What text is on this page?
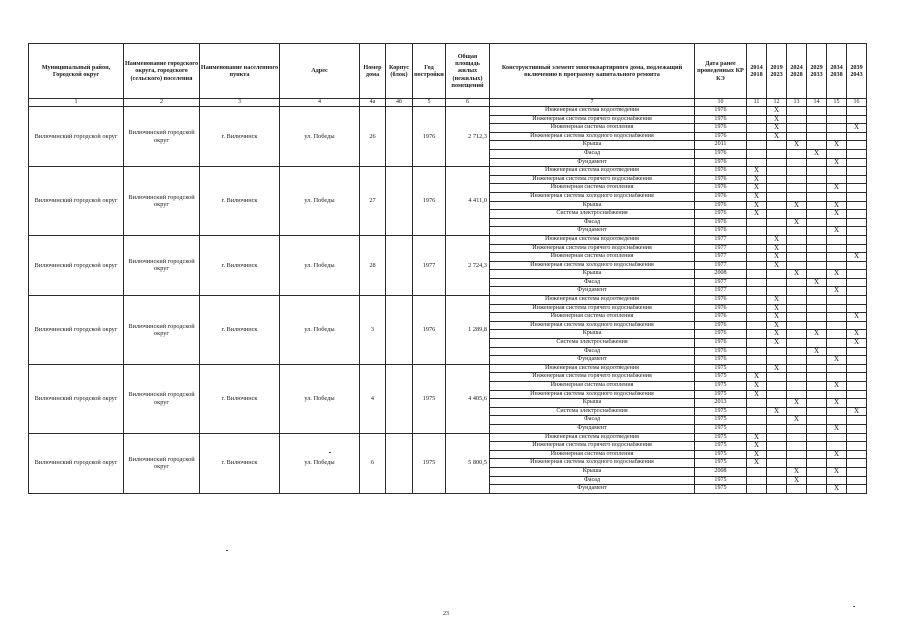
Муниципальный район, Городской округ	Наименование городского округа, городского (сельского) поселения	Наименование населенного пункта	Адрес	Номер дома	Корпус (блок)	Год постройки	Общая площадь жилых (нежилых) помещений	Конструктивный элемент многоквартирного дома, подлежащий включению в программу капитального ремонта	Дата ранее проведенных КР КЭ	2014 2018	2019 2023	2024 2028	2029 2033	2034 2038	2039 2043
1	2	3	4	4а	4б	5	6	7	10	11	12	13	14	15	16
Вилючинский городской округ	Вилючинский городской округ	г. Вилючинск	ул. Победы	26		1976	2 712,3	Инженерная система водоотведения	1976		X				
								Инженерная система горячего водоснабжения	1976		X				
								Инженерная система отопления	1976		X				X
								Инженерная система холодного водоснабжения	1976		X				
								Крыша	2011			X		X	
								Фасад	1976				X		
								Фундамент	1976					X	
Вилючинский городской округ	Вилючинский городской округ	г. Вилючинск	ул. Победы	27		1976	4 411,0	Инженерная система водоотведения	1976	X					
								Инженерная система горячего водоснабжения	1976	X					
								Инженерная система отопления	1976	X				X	
								Инженерная система холодного водоснабжения	1976	X					
								Крыша	1976	X		X		X	
								Система электроснабжения	1976	X				X	
								Фасад	1976			X			
								Фундамент	1976					X	
Вилючинский городской округ	Вилючинский городской округ	г. Вилючинск	ул. Победы	28		1977	2 724,3	Инженерная система водоотведения	1977		X				
								Инженерная система горячего водоснабжения	1977		X				
								Инженерная система отопления	1977		X				X
								Инженерная система холодного водоснабжения	1977		X				
								Крыша	2008			X		X	
								Фасад	1977				X		
								Фундамент	1977					X	
Вилючинский городской округ	Вилючинский городской округ	г. Вилючинск	ул. Победы	3		1976	1 289,8	Инженерная система водоотведения	1976		X				
								Инженерная система горячего водоснабжения	1976		X				
								Инженерная система отопления	1976		X				X
								Инженерная система холодного водоснабжения	1976		X				
								Крыша	1976		X		X		X
								Система электроснабжения	1976		X				X
								Фасад	1976				X		
								Фундамент	1976					X	
Вилючинский городской округ	Вилючинский городской округ	г. Вилючинск	ул. Победы	4		1975	4 405,6	Инженерная система водоотведения	1975		X				
								Инженерная система горячего водоснабжения	1975	X					
								Инженерная система отопления	1975	X				X	
								Инженерная система холодного водоснабжения	1975	X					
								Крыша	2013			X		X	
								Система электроснабжения	1975		X				X
								Фасад	1975			X			
								Фундамент	1975					X	
Вилючинский городской округ	Вилючинский городской округ	г. Вилючинск	ул. Победы	6		1975	5 800,5	Инженерная система водоотведения	1975	X					
								Инженерная система горячего водоснабжения	1975	X					
								Инженерная система отопления	1975	X				X	
								Инженерная система холодного водоснабжения	1975	X					
								Крыша	2008			X		X	
								Фасад	1975			X			
								Фундамент	1975					X	
23
